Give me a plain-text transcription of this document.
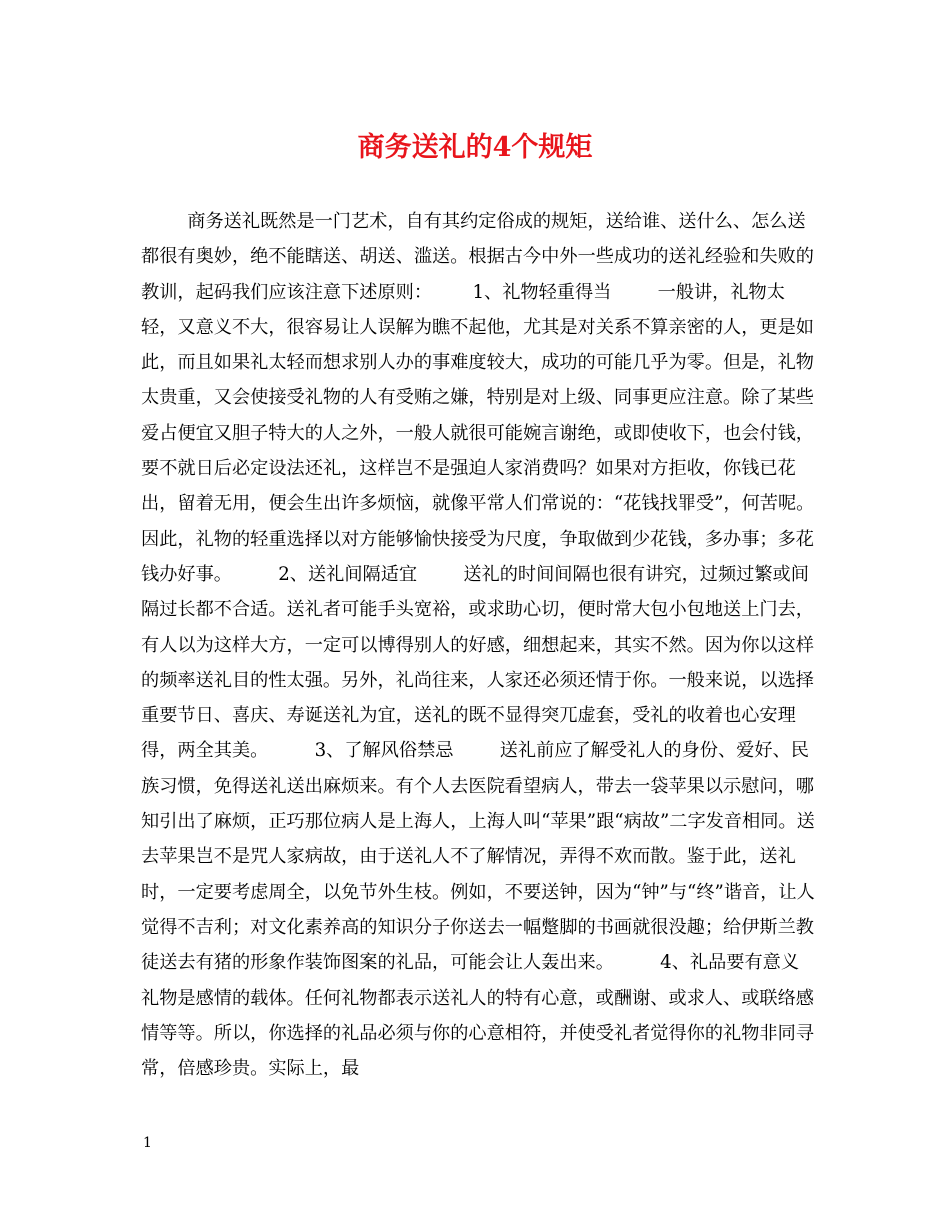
商务送礼的4个规矩

商务送礼既然是一门艺术，自有其约定俗成的规矩，送给谁、送什么、怎么送都很有奥妙，绝不能瞎送、胡送、滥送。根据古今中外一些成功的送礼经验和失败的教训，起码我们应该注意下述原则：       1、礼物轻重得当        一般讲，礼物太轻，又意义不大，很容易让人误解为瞧不起他，尤其是对关系不算亲密的人，更是如此，而且如果礼太轻而想求别人办的事难度较大，成功的可能几乎为零。但是，礼物太贵重，又会使接受礼物的人有受贿之嫌，特别是对上级、同事更应注意。除了某些爱占便宜又胆子特大的人之外，一般人就很可能婉言谢绝，或即使收下，也会付钱，要不就日后必定设法还礼，这样岂不是强迫人家消费吗？如果对方拒收，你钱已花出，留着无用，便会生出许多烦恼，就像平常人们常说的：“花钱找罪受”，何苦呢。因此，礼物的轻重选择以对方能够愉快接受为尺度，争取做到少花钱，多办事；多花钱办好事。        2、送礼间隔适宜        送礼的时间间隔也很有讲究，过频过繁或间隔过长都不合适。送礼者可能手头宽裕，或求助心切，便时常大包小包地送上门去，有人以为这样大方，一定可以博得别人的好感，细想起来，其实不然。因为你以这样的频率送礼目的性太强。另外，礼尚往来，人家还必须还情于你。一般来说，以选择重要节日、喜庆、寿诞送礼为宜，送礼的既不显得突兀虚套，受礼的收着也心安理得，两全其美。        3、了解风俗禁忌        送礼前应了解受礼人的身份、爱好、民族习惯，免得送礼送出麻烦来。有个人去医院看望病人，带去一袋苹果以示慰问，哪知引出了麻烦，正巧那位病人是上海人，上海人叫“苹果”跟“病故”二字发音相同。送去苹果岂不是咒人家病故，由于送礼人不了解情况，弄得不欢而散。鉴于此，送礼时，一定要考虑周全，以免节外生枝。例如，不要送钟，因为“钟”与“终”谐音，让人觉得不吉利；对文化素养高的知识分子你送去一幅蹩脚的书画就很没趣；给伊斯兰教徒送去有猪的形象作装饰图案的礼品，可能会让人轰出来。        4、礼品要有意义        礼物是感情的载体。任何礼物都表示送礼人的特有心意，或酬谢、或求人、或联络感情等等。所以，你选择的礼品必须与你的心意相符，并使受礼者觉得你的礼物非同寻常，倍感珍贵。实际上，最

1
